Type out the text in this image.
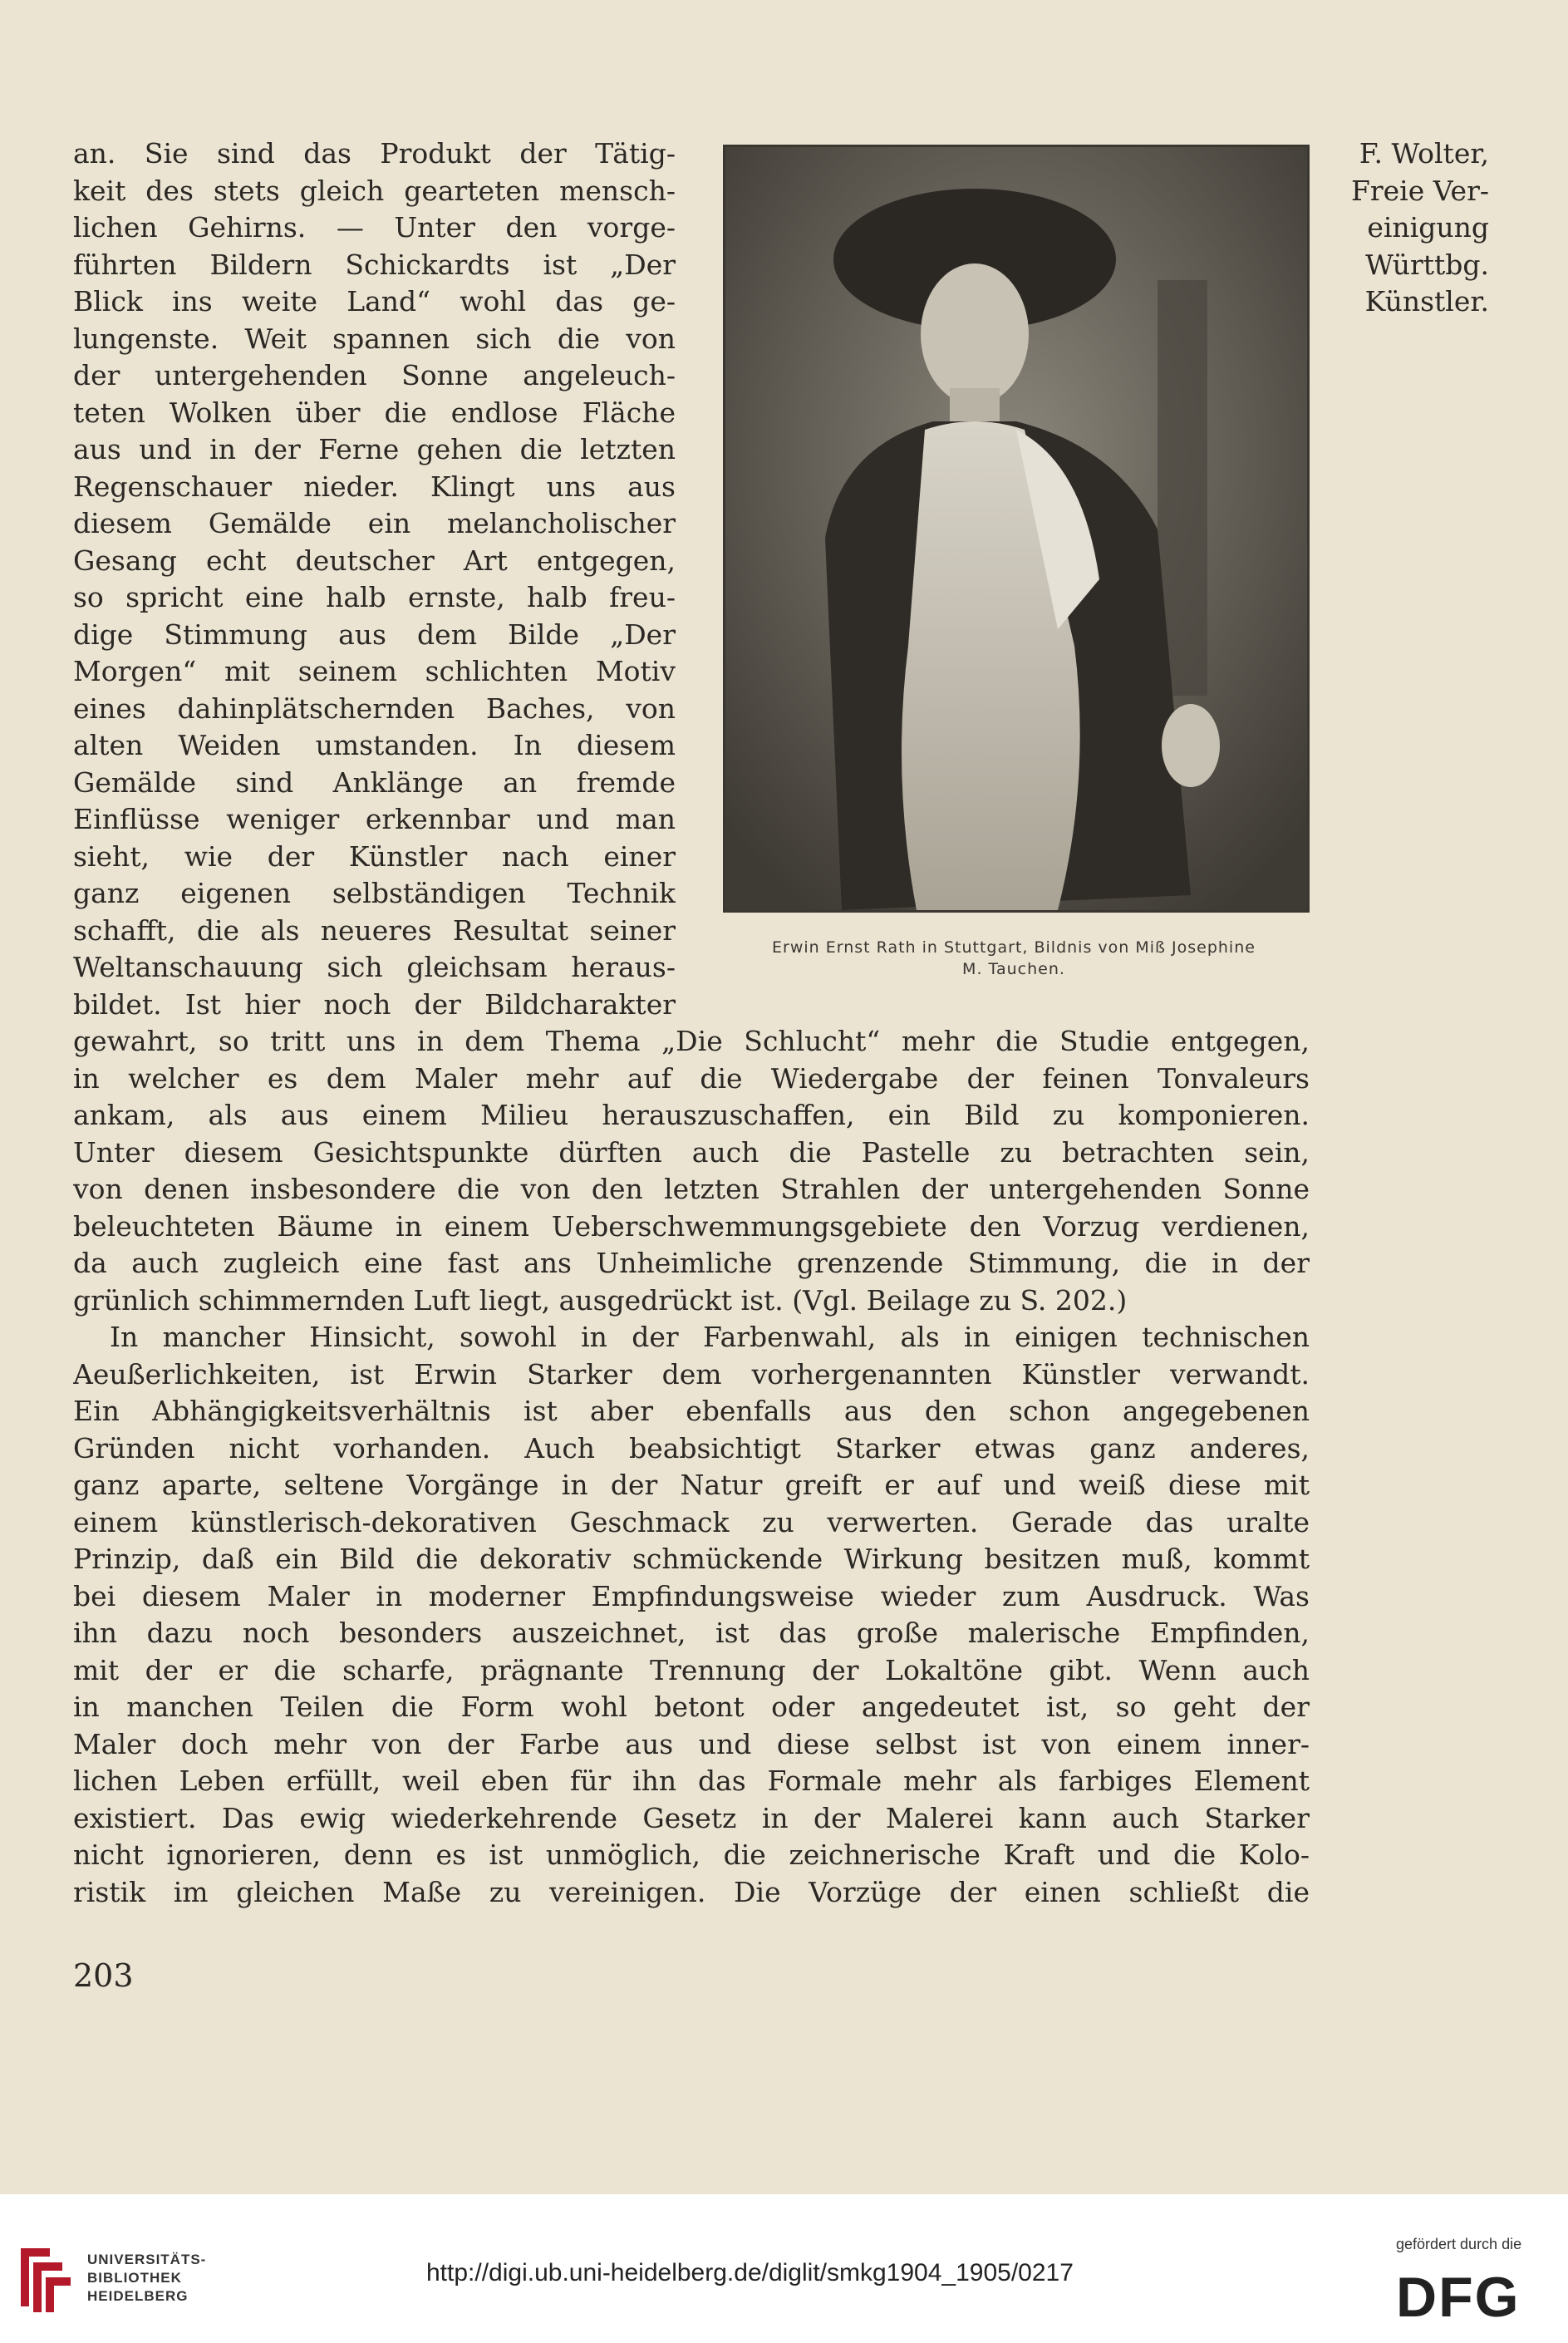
an. Sie sind das Produkt der Tätig-
keit des stets gleich gearteten mensch-
lichen Gehirns. — Unter den vorge-
führten Bildern Schickardts ist „Der
Blick ins weite Land“ wohl das ge-
lungenste. Weit spannen sich die von
der untergehenden Sonne angeleuch-
teten Wolken über die endlose Fläche
aus und in der Ferne gehen die letzten
Regenschauer nieder. Klingt uns aus
diesem Gemälde ein melancholischer
Gesang echt deutscher Art entgegen,
so spricht eine halb ernste, halb freu-
dige Stimmung aus dem Bilde „Der
Morgen“ mit seinem schlichten Motiv
eines dahinplätschernden Baches, von
alten Weiden umstanden. In diesem
Gemälde sind Anklänge an fremde
Einflüsse weniger erkennbar und man
sieht, wie der Künstler nach einer
ganz eigenen selbständigen Technik
schafft, die als neueres Resultat seiner
Weltanschauung sich gleichsam heraus-
bildet. Ist hier noch der Bildcharakter
Erwin Ernst Rath in Stuttgart, Bildnis von Miß Josephine
M. Tauchen.
F. Wolter,
Freie Ver-
einigung
Württbg.
Künstler.
gewahrt, so tritt uns in dem Thema „Die Schlucht“ mehr die Studie entgegen,
in welcher es dem Maler mehr auf die Wiedergabe der feinen Tonvaleurs
ankam, als aus einem Milieu herauszuschaffen, ein Bild zu komponieren.
Unter diesem Gesichtspunkte dürften auch die Pastelle zu betrachten sein,
von denen insbesondere die von den letzten Strahlen der untergehenden Sonne
beleuchteten Bäume in einem Ueberschwemmungsgebiete den Vorzug verdienen,
da auch zugleich eine fast ans Unheimliche grenzende Stimmung, die in der
grünlich schimmernden Luft liegt, ausgedrückt ist. (Vgl. Beilage zu S. 202.)
In mancher Hinsicht, sowohl in der Farbenwahl, als in einigen technischen
Aeußerlichkeiten, ist Erwin Starker dem vorhergenannten Künstler verwandt.
Ein Abhängigkeitsverhältnis ist aber ebenfalls aus den schon angegebenen
Gründen nicht vorhanden. Auch beabsichtigt Starker etwas ganz anderes,
ganz aparte, seltene Vorgänge in der Natur greift er auf und weiß diese mit
einem künstlerisch-dekorativen Geschmack zu verwerten. Gerade das uralte
Prinzip, daß ein Bild die dekorativ schmückende Wirkung besitzen muß, kommt
bei diesem Maler in moderner Empfindungsweise wieder zum Ausdruck. Was
ihn dazu noch besonders auszeichnet, ist das große malerische Empfinden,
mit der er die scharfe, prägnante Trennung der Lokaltöne gibt. Wenn auch
in manchen Teilen die Form wohl betont oder angedeutet ist, so geht der
Maler doch mehr von der Farbe aus und diese selbst ist von einem inner-
lichen Leben erfüllt, weil eben für ihn das Formale mehr als farbiges Element
existiert. Das ewig wiederkehrende Gesetz in der Malerei kann auch Starker
nicht ignorieren, denn es ist unmöglich, die zeichnerische Kraft und die Kolo-
ristik im gleichen Maße zu vereinigen. Die Vorzüge der einen schließt die
203
UNIVERSITÄTS-
BIBLIOTHEK
HEIDELBERG
http://digi.ub.uni-heidelberg.de/diglit/smkg1904_1905/0217
gefördert durch die
DFG
